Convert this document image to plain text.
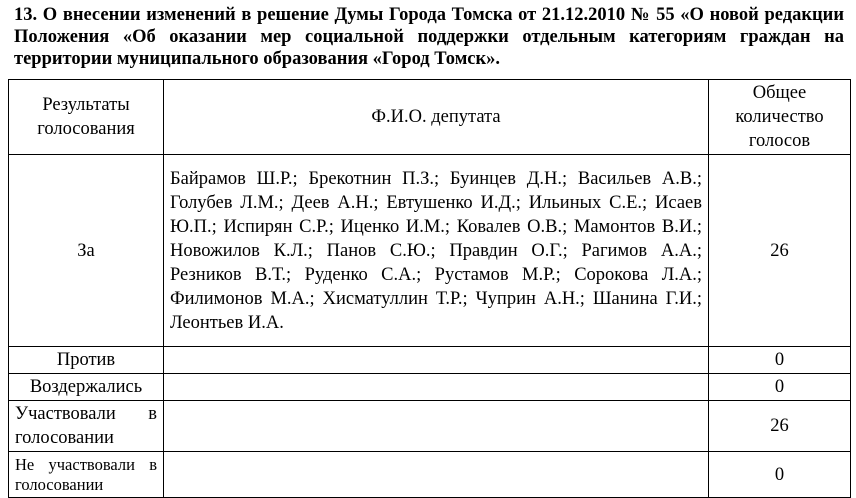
13. О внесении изменений в решение Думы Города Томска от 21.12.2010 № 55 «О новой редакции Положения «Об оказании мер социальной поддержки отдельным категориям граждан на территории муниципального образования «Город Томск».
Результаты голосования	Ф.И.О. депутата	Общее количество голосов
За	Байрамов Ш.Р.; Брекотнин П.З.; Буинцев Д.Н.; Васильев А.В.; Голубев Л.М.; Деев А.Н.; Евтушенко И.Д.; Ильиных С.Е.; Исаев Ю.П.; Испирян С.Р.; Иценко И.М.; Ковалев О.В.; Мамонтов В.И.; Новожилов К.Л.; Панов С.Ю.; Правдин О.Г.; Рагимов А.А.; Резников В.Т.; Руденко С.А.; Рустамов М.Р.; Сорокова Л.А.; Филимонов М.А.; Хисматуллин Т.Р.; Чуприн А.Н.; Шанина Г.И.; Леонтьев И.А.	26
Против		0
Воздержались		0
Участвовали в голосовании		26
Не участвовали в голосовании		0
